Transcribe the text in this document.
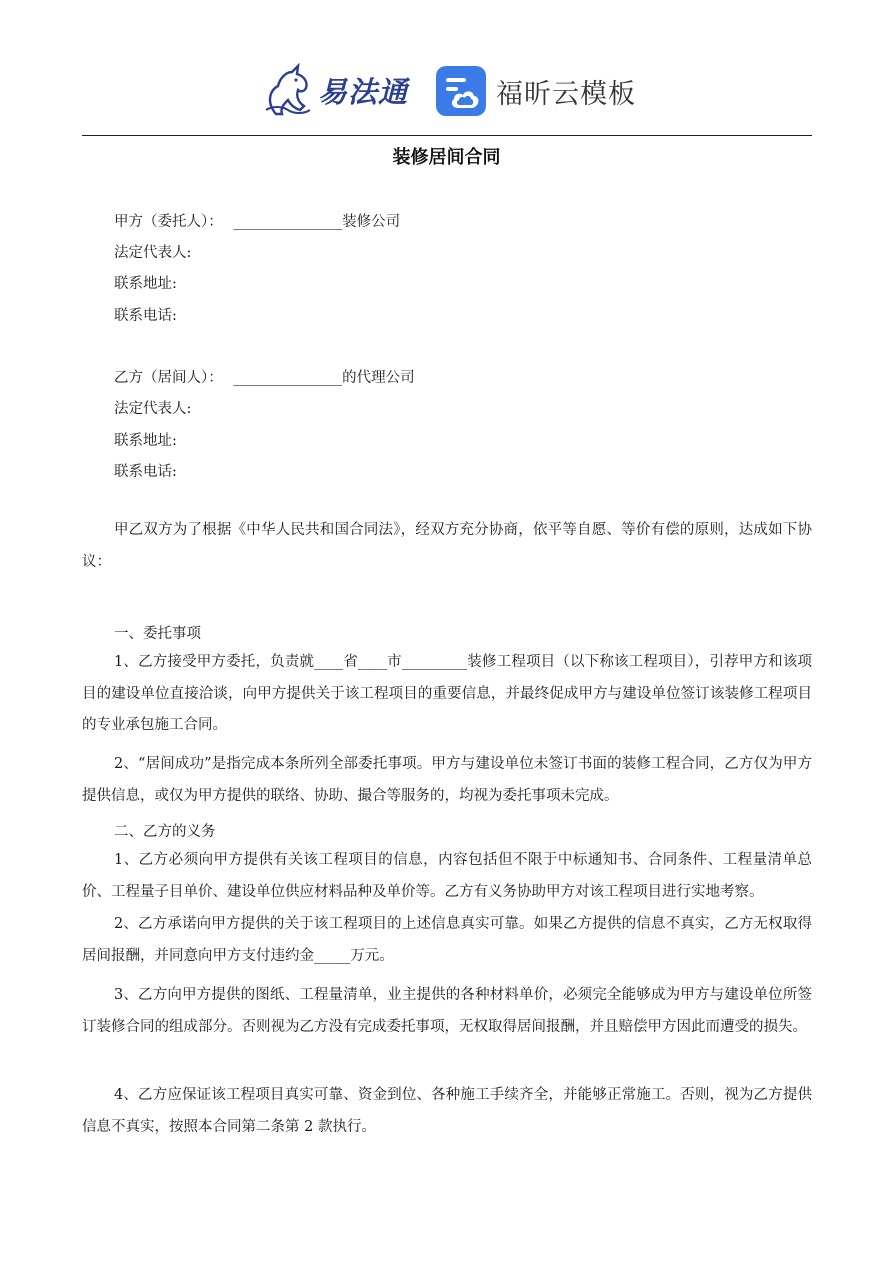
易法通	福昕云模板
装修居间合同
甲方（委托人）： _______________装修公司
法定代表人:
联系地址:
联系电话:
乙方（居间人）： _______________的代理公司
法定代表人:
联系地址:
联系电话:
甲乙双方为了根据《中华人民共和国合同法》，经双方充分协商，依平等自愿、等价有偿的原则，达成如下协议：
一、委托事项
1、乙方接受甲方委托，负责就____省____市_________装修工程项目（以下称该工程项目），引荐甲方和该项目的建设单位直接洽谈，向甲方提供关于该工程项目的重要信息，并最终促成甲方与建设单位签订该装修工程项目的专业承包施工合同。
2、“居间成功”是指完成本条所列全部委托事项。甲方与建设单位未签订书面的装修工程合同，乙方仅为甲方提供信息，或仅为甲方提供的联络、协助、撮合等服务的，均视为委托事项未完成。
二、乙方的义务
1、乙方必须向甲方提供有关该工程项目的信息，内容包括但不限于中标通知书、合同条件、工程量清单总价、工程量子目单价、建设单位供应材料品种及单价等。乙方有义务协助甲方对该工程项目进行实地考察。
2、乙方承诺向甲方提供的关于该工程项目的上述信息真实可靠。如果乙方提供的信息不真实，乙方无权取得居间报酬，并同意向甲方支付违约金_____万元。
3、乙方向甲方提供的图纸、工程量清单，业主提供的各种材料单价，必须完全能够成为甲方与建设单位所签订装修合同的组成部分。否则视为乙方没有完成委托事项，无权取得居间报酬，并且赔偿甲方因此而遭受的损失。
4、乙方应保证该工程项目真实可靠、资金到位、各种施工手续齐全，并能够正常施工。否则，视为乙方提供信息不真实，按照本合同第二条第 2 款执行。
